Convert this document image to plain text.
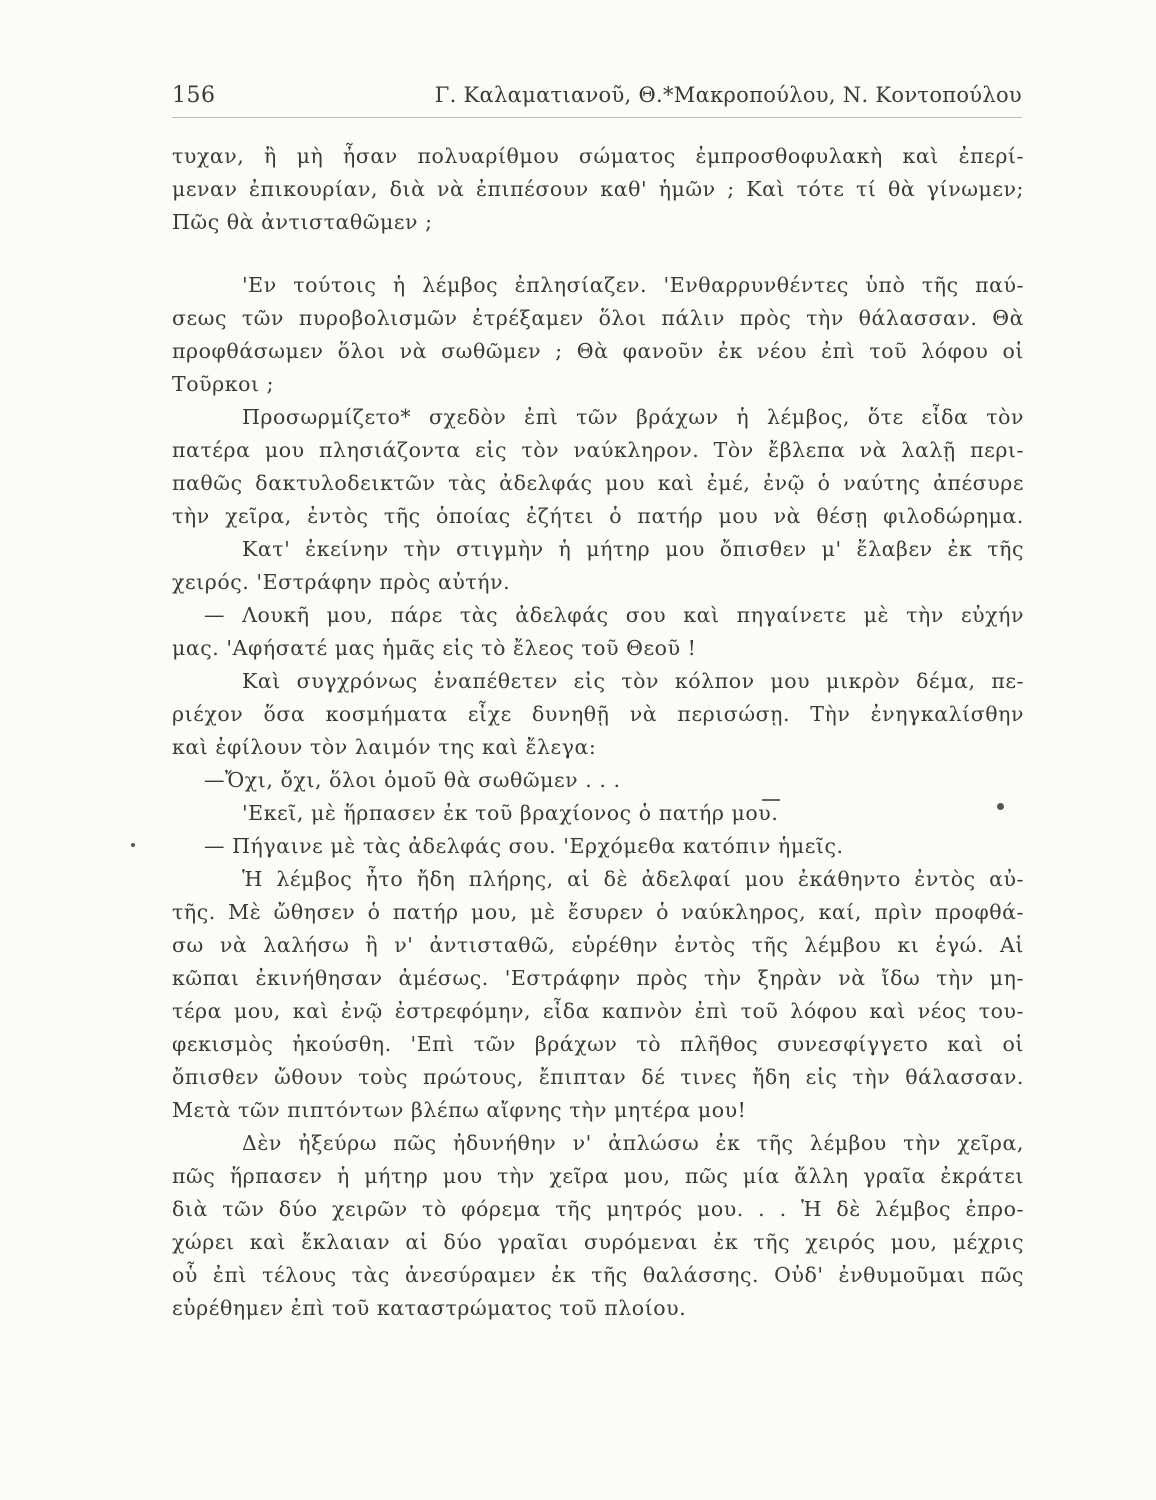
156	Γ. Καλαματιανοῦ, Θ.*Μακροπούλου, Ν. Κοντοπούλου
τυχαν, ἢ μὴ ἦσαν πολυαρίθμου σώματος ἐμπροσθοφυλακὴ καὶ ἐπερί-
μεναν ἐπικουρίαν, διὰ νὰ ἐπιπέσουν καθ' ἡμῶν ; Καὶ τότε τί θὰ γίνωμεν;
Πῶς θὰ ἀντισταθῶμεν ;
'Εν τούτοις ἡ λέμβος ἐπλησίαζεν. 'Ενθαρρυνθέντες ὑπὸ τῆς παύ-
σεως τῶν πυροβολισμῶν ἐτρέξαμεν ὅλοι πάλιν πρὸς τὴν θάλασσαν. Θὰ
προφθάσωμεν ὅλοι νὰ σωθῶμεν ; Θὰ φανοῦν ἐκ νέου ἐπὶ τοῦ λόφου οἱ
Τοῦρκοι ;
Προσωρμίζετο* σχεδὸν ἐπὶ τῶν βράχων ἡ λέμβος, ὅτε εἶδα τὸν
πατέρα μου πλησιάζοντα εἰς τὸν ναύκληρον. Τὸν ἔβλεπα νὰ λαλῇ περι-
παθῶς δακτυλοδεικτῶν τὰς ἀδελφάς μου καὶ ἐμέ, ἐνῷ ὁ ναύτης ἀπέσυρε
τὴν χεῖρα, ἐντὸς τῆς ὁποίας ἐζήτει ὁ πατήρ μου νὰ θέσῃ φιλοδώρημα.
Κατ' ἐκείνην τὴν στιγμὴν ἡ μήτηρ μου ὄπισθεν μ' ἔλαβεν ἐκ τῆς
χειρός. 'Εστράφην πρὸς αὐτήν.
— Λουκῆ μου, πάρε τὰς ἀδελφάς σου καὶ πηγαίνετε μὲ τὴν εὐχήν
μας. 'Αφήσατέ μας ἡμᾶς εἰς τὸ ἔλεος τοῦ Θεοῦ !
Καὶ συγχρόνως ἐναπέθετεν εἰς τὸν κόλπον μου μικρὸν δέμα, πε-
ριέχον ὅσα κοσμήματα εἶχε δυνηθῇ νὰ περισώσῃ. Τὴν ἐνηγκαλίσθην
καὶ ἐφίλουν τὸν λαιμόν της καὶ ἔλεγα:
—Ὄχι, ὄχι, ὅλοι ὁμοῦ θὰ σωθῶμεν . . .
'Εκεῖ, μὲ ἥρπασεν ἐκ τοῦ βραχίονος ὁ πατήρ μου.
— Πήγαινε μὲ τὰς ἀδελφάς σου. 'Ερχόμεθα κατόπιν ἡμεῖς.
Ἡ λέμβος ἦτο ἤδη πλήρης, αἱ δὲ ἀδελφαί μου ἐκάθηντο ἐντὸς αὐ-
τῆς. Μὲ ὤθησεν ὁ πατήρ μου, μὲ ἔσυρεν ὁ ναύκληρος, καί, πρὶν προφθά-
σω νὰ λαλήσω ἢ ν' ἀντισταθῶ, εὑρέθην ἐντὸς τῆς λέμβου κι ἐγώ. Αἱ
κῶπαι ἐκινήθησαν ἀμέσως. 'Εστράφην πρὸς τὴν ξηρὰν νὰ ἴδω τὴν μη-
τέρα μου, καὶ ἐνῷ ἐστρεφόμην, εἶδα καπνὸν ἐπὶ τοῦ λόφου καὶ νέος του-
φεκισμὸς ἠκούσθη. 'Επὶ τῶν βράχων τὸ πλῆθος συνεσφίγγετο καὶ οἱ
ὄπισθεν ὤθουν τοὺς πρώτους, ἔπιπταν δέ τινες ἤδη εἰς τὴν θάλασσαν.
Μετὰ τῶν πιπτόντων βλέπω αἴφνης τὴν μητέρα μου!
Δὲν ἠξεύρω πῶς ἠδυνήθην ν' ἀπλώσω ἐκ τῆς λέμβου τὴν χεῖρα,
πῶς ἥρπασεν ἡ μήτηρ μου τὴν χεῖρα μου, πῶς μία ἄλλη γραῖα ἐκράτει
διὰ τῶν δύο χειρῶν τὸ φόρεμα τῆς μητρός μου. . . Ἡ δὲ λέμβος ἐπρο-
χώρει καὶ ἔκλαιαν αἱ δύο γραῖαι συρόμεναι ἐκ τῆς χειρός μου, μέχρις
οὗ ἐπὶ τέλους τὰς ἀνεσύραμεν ἐκ τῆς θαλάσσης. Οὐδ' ἐνθυμοῦμαι πῶς
εὑρέθημεν ἐπὶ τοῦ καταστρώματος τοῦ πλοίου.
